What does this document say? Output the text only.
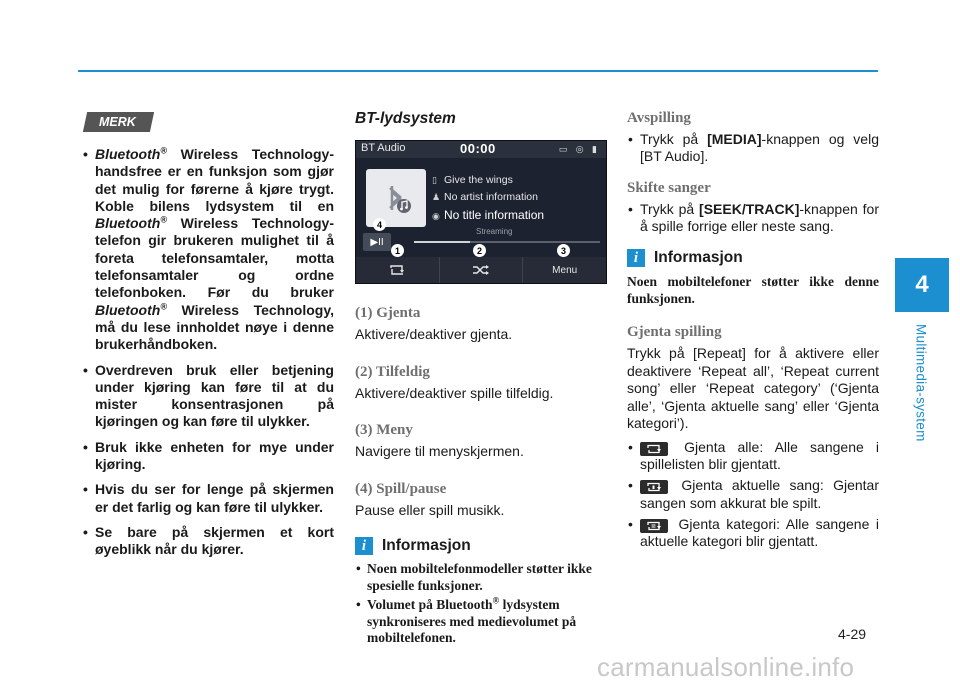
4
Multimedia-system
MERK
• Bluetooth® Wireless Technology-handsfree er en funksjon som gjør det mulig for førerne å kjøre trygt. Koble bilens lydsystem til en Bluetooth® Wireless Technology-telefon gir brukeren mulighet til å foreta telefonsamtaler, motta telefonsamtaler og ordne telefonboken. Før du bruker Bluetooth® Wireless Technology, må du lese innholdet nøye i denne brukerhåndboken.
• Overdreven bruk eller betjening under kjøring kan føre til at du mister konsentrasjonen på kjøringen og kan føre til ulykker.
• Bruk ikke enheten for mye under kjøring.
• Hvis du ser for lenge på skjermen er det farlig og kan føre til ulykker.
• Se bare på skjermen et kort øyeblikk når du kjører.

BT-lydsystem

BT Audio	00:00	▭ ◎ ▮
▯ Give the wings
♟ No artist information
◉ No title information
Streaming
▶II
Menu
4
1	2	3

(1) Gjenta

Aktivere/deaktiver gjenta.

(2) Tilfeldig

Aktivere/deaktiver spille tilfeldig.

(3) Meny

Navigere til menyskjermen.

(4) Spill/pause

Pause eller spill musikk.

i	Informasjon
• Noen mobiltelefonmodeller støtter ikke spesielle funksjoner.
• Volumet på Bluetooth® lydsystem synkroniseres med medievolumet på mobiltelefonen.

Avspilling

• Trykk på [MEDIA]-knappen og velg [BT Audio].

Skifte sanger

• Trykk på [SEEK/TRACK]-knappen for å spille forrige eller neste sang.
i	Informasjon

Noen mobiltelefoner støtter ikke denne funksjonen.

Gjenta spilling

Trykk på [Repeat] for å aktivere eller deaktivere ‘Repeat all’, ‘Repeat current song’ eller ‘Repeat category’ (‘Gjenta alle’, ‘Gjenta aktuelle sang’ eller ‘Gjenta kategori’).

• Gjenta alle: Alle sangene i spillelisten blir gjentatt.
• Gjenta aktuelle sang: Gjentar sangen som akkurat ble spilt.
• Gjenta kategori: Alle sangene i aktuelle kategori blir gjentatt.
4-29
carmanualsonline.info
